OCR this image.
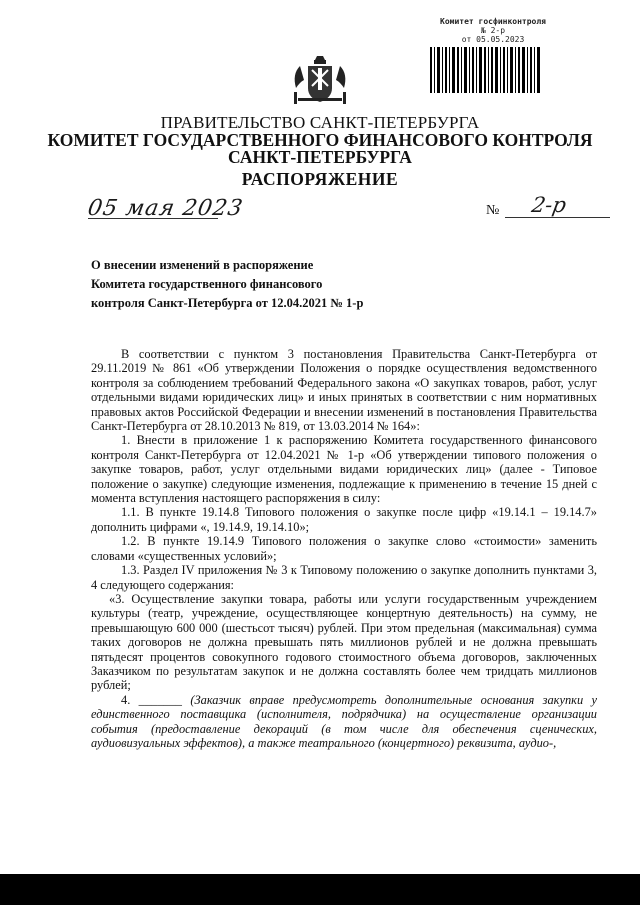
Комитет госфинконтроля
№ 2-р
от 05.05.2023
ПРАВИТЕЛЬСТВО САНКТ-ПЕТЕРБУРГА
КОМИТЕТ ГОСУДАРСТВЕННОГО ФИНАНСОВОГО КОНТРОЛЯ
САНКТ-ПЕТЕРБУРГА
РАСПОРЯЖЕНИЕ
05 мая 2023	№ 2-р
О внесении изменений в распоряжение
Комитета государственного финансового
контроля Санкт-Петербурга от 12.04.2021 № 1-р

В соответствии с пунктом 3 постановления Правительства Санкт-Петербурга от 29.11.2019 № 861 «Об утверждении Положения о порядке осуществления ведомственного контроля за соблюдением требований Федерального закона «О закупках товаров, работ, услуг отдельными видами юридических лиц» и иных принятых в соответствии с ним нормативных правовых актов Российской Федерации и внесении изменений в постановления Правительства Санкт-Петербурга от 28.10.2013 № 819, от 13.03.2014 № 164»:

1. Внести в приложение 1 к распоряжению Комитета государственного финансового контроля Санкт-Петербурга от 12.04.2021 № 1-р «Об утверждении типового положения о закупке товаров, работ, услуг отдельными видами юридических лиц» (далее - Типовое положение о закупке) следующие изменения, подлежащие к применению в течение 15 дней с момента вступления настоящего распоряжения в силу:

1.1. В пункте 19.14.8 Типового положения о закупке после цифр «19.14.1 – 19.14.7» дополнить цифрами «, 19.14.9, 19.14.10»;

1.2. В пункте 19.14.9 Типового положения о закупке слово «стоимости» заменить словами «существенных условий»;

1.3. Раздел IV приложения № 3 к Типовому положению о закупке дополнить пунктами 3, 4 следующего содержания:

«3. Осуществление закупки товара, работы или услуги государственным учреждением культуры (театр, учреждение, осуществляющее концертную деятельность) на сумму, не превышающую 600 000 (шестьсот тысяч) рублей. При этом предельная (максимальная) сумма таких договоров не должна превышать пять миллионов рублей и не должна превышать пятьдесят процентов совокупного годового стоимостного объема договоров, заключенных Заказчиком по результатам закупок и не должна составлять более чем тридцать миллионов рублей;

4. _______ (Заказчик вправе предусмотреть дополнительные основания закупки у единственного поставщика (исполнителя, подрядчика) на осуществление организации события (предоставление декораций (в том числе для обеспечения сценических, аудиовизуальных эффектов), а также театрального (концертного) реквизита, аудио-,
